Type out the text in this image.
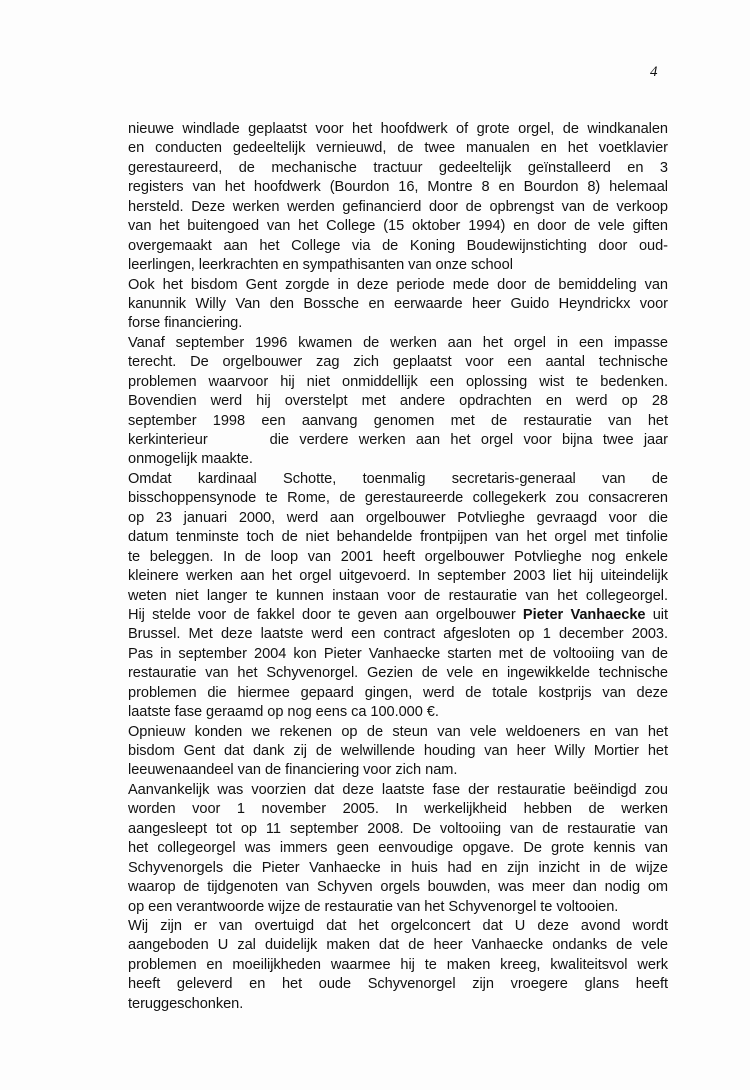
4
nieuwe windlade geplaatst voor het hoofdwerk of grote orgel, de windkanalen
en conducten gedeeltelijk vernieuwd, de twee manualen en het voetklavier
gerestaureerd, de mechanische tractuur gedeeltelijk geïnstalleerd en 3
registers van het hoofdwerk (Bourdon 16, Montre 8 en Bourdon 8) helemaal
hersteld. Deze werken werden gefinancierd door de opbrengst van de verkoop
van het buitengoed van het College (15 oktober 1994) en door de vele giften
overgemaakt aan het College via de Koning Boudewijnstichting door oud-
leerlingen, leerkrachten en sympathisanten van onze school
Ook het bisdom Gent zorgde in deze periode mede door de bemiddeling van
kanunnik Willy Van den Bossche en eerwaarde heer Guido Heyndrickx voor
forse financiering.
Vanaf september 1996 kwamen de werken aan het orgel in een impasse
terecht. De orgelbouwer zag zich geplaatst voor een aantal technische
problemen waarvoor hij niet onmiddellijk een oplossing wist te bedenken.
Bovendien werd hij overstelpt met andere opdrachten en werd op 28
september 1998 een aanvang genomen met de restauratie van het
kerkinterieur      die verdere werken aan het orgel voor bijna twee jaar
onmogelijk maakte.
Omdat kardinaal Schotte, toenmalig secretaris-generaal van de
bisschoppensynode te Rome, de gerestaureerde collegekerk zou consacreren
op 23 januari 2000, werd aan orgelbouwer Potvlieghe gevraagd voor die
datum tenminste toch de niet behandelde frontpijpen van het orgel met tinfolie
te beleggen. In de loop van 2001 heeft orgelbouwer Potvlieghe nog enkele
kleinere werken aan het orgel uitgevoerd. In september 2003 liet hij uiteindelijk
weten niet langer te kunnen instaan voor de restauratie van het collegeorgel.
Hij stelde voor de fakkel door te geven aan orgelbouwer Pieter Vanhaecke uit
Brussel. Met deze laatste werd een contract afgesloten op 1 december 2003.
Pas in september 2004 kon Pieter Vanhaecke starten met de voltooiing van de
restauratie van het Schyvenorgel. Gezien de vele en ingewikkelde technische
problemen die hiermee gepaard gingen, werd de totale kostprijs van deze
laatste fase geraamd op nog eens ca 100.000 €.
Opnieuw konden we rekenen op de steun van vele weldoeners en van het
bisdom Gent dat dank zij de welwillende houding van heer Willy Mortier het
leeuwenaandeel van de financiering voor zich nam.
Aanvankelijk was voorzien dat deze laatste fase der restauratie beëindigd zou
worden voor 1 november 2005. In werkelijkheid hebben de werken
aangesleept tot op 11 september 2008. De voltooiing van de restauratie van
het collegeorgel was immers geen eenvoudige opgave. De grote kennis van
Schyvenorgels die Pieter Vanhaecke in huis had en zijn inzicht in de wijze
waarop de tijdgenoten van Schyven orgels bouwden, was meer dan nodig om
op een verantwoorde wijze de restauratie van het Schyvenorgel te voltooien.
Wij zijn er van overtuigd dat het orgelconcert dat U deze avond wordt
aangeboden U zal duidelijk maken dat de heer Vanhaecke ondanks de vele
problemen en moeilijkheden waarmee hij te maken kreeg, kwaliteitsvol werk
heeft geleverd en het oude Schyvenorgel zijn vroegere glans heeft
teruggeschonken.
